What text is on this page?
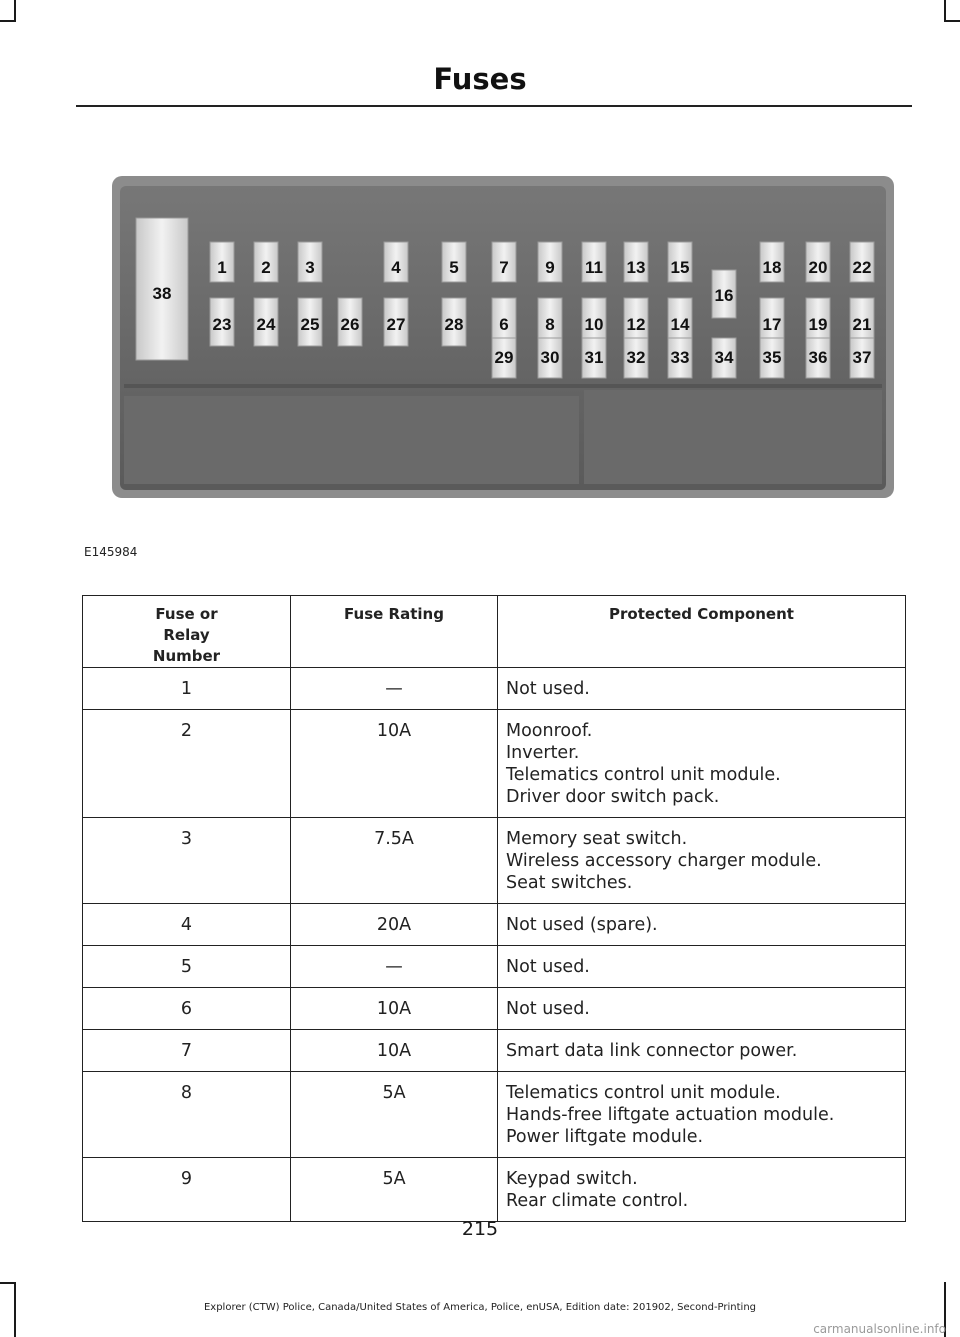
Fuses
1 2 3	4	5 7 9 11 13 15	18 20 22
23 24 25 26 27 28 6 8 10 12 14
16
17 19 21
29 30 31 32 33 34 35 36 37
38
E145984
Fuse or Relay Number	Fuse Rating	Protected Component
1	—	Not used.

2	10A	Moonroof.
Inverter.
Telematics control unit module.
Driver door switch pack.

3	7.5A	Memory seat switch.
Wireless accessory charger module.
Seat switches.

4	20A	Not used (spare).

5	—	Not used.

6	10A	Not used.

7	10A	Smart data link connector power.

8	5A	Telematics control unit module.
Hands-free liftgate actuation module.
Power liftgate module.

9	5A	Keypad switch.
Rear climate control.
215
Explorer (CTW) Police, Canada/United States of America, Police, enUSA, Edition date: 201902, Second-Printing
carmanualsonline.info
